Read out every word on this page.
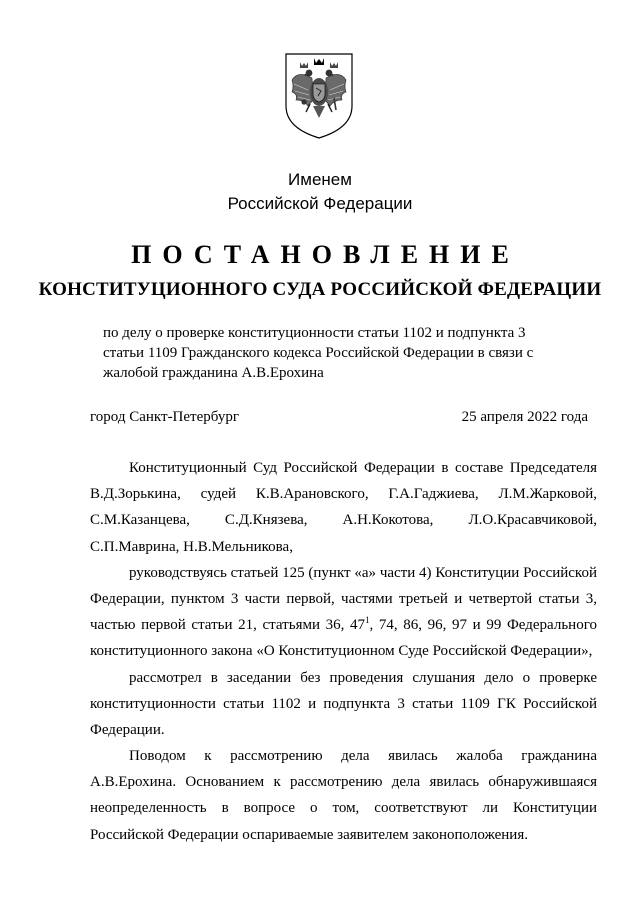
Именем
Российской Федерации
ПОСТАНОВЛЕНИЕ
КОНСТИТУЦИОННОГО СУДА РОССИЙСКОЙ ФЕДЕРАЦИИ
по делу о проверке конституционности статьи 1102 и подпункта 3
статьи 1109 Гражданского кодекса Российской Федерации в связи с
жалобой гражданина А.В.Ерохина
город Санкт-Петербург	25 апреля 2022 года
Конституционный Суд Российской Федерации в составе Председателя
В.Д.Зорькина, судей К.В.Арановского, Г.А.Гаджиева, Л.М.Жарковой,
С.М.Казанцева, С.Д.Князева, А.Н.Кокотова, Л.О.Красавчиковой,
С.П.Маврина, Н.В.Мельникова,
руководствуясь статьей 125 (пункт «а» части 4) Конституции Российской
Федерации, пунктом 3 части первой, частями третьей и четвертой статьи 3,
частью первой статьи 21, статьями 36, $47^1$, 74, 86, 96, 97 и 99 Федерального
конституционного закона «О Конституционном Суде Российской Федерации»,
рассмотрел в заседании без проведения слушания дело о проверке
конституционности статьи 1102 и подпункта 3 статьи 1109 ГК Российской
Федерации.
Поводом к рассмотрению дела явилась жалоба гражданина
А.В.Ерохина. Основанием к рассмотрению дела явилась обнаружившаяся
неопределенность в вопросе о том, соответствуют ли Конституции
Российской Федерации оспариваемые заявителем законоположения.
